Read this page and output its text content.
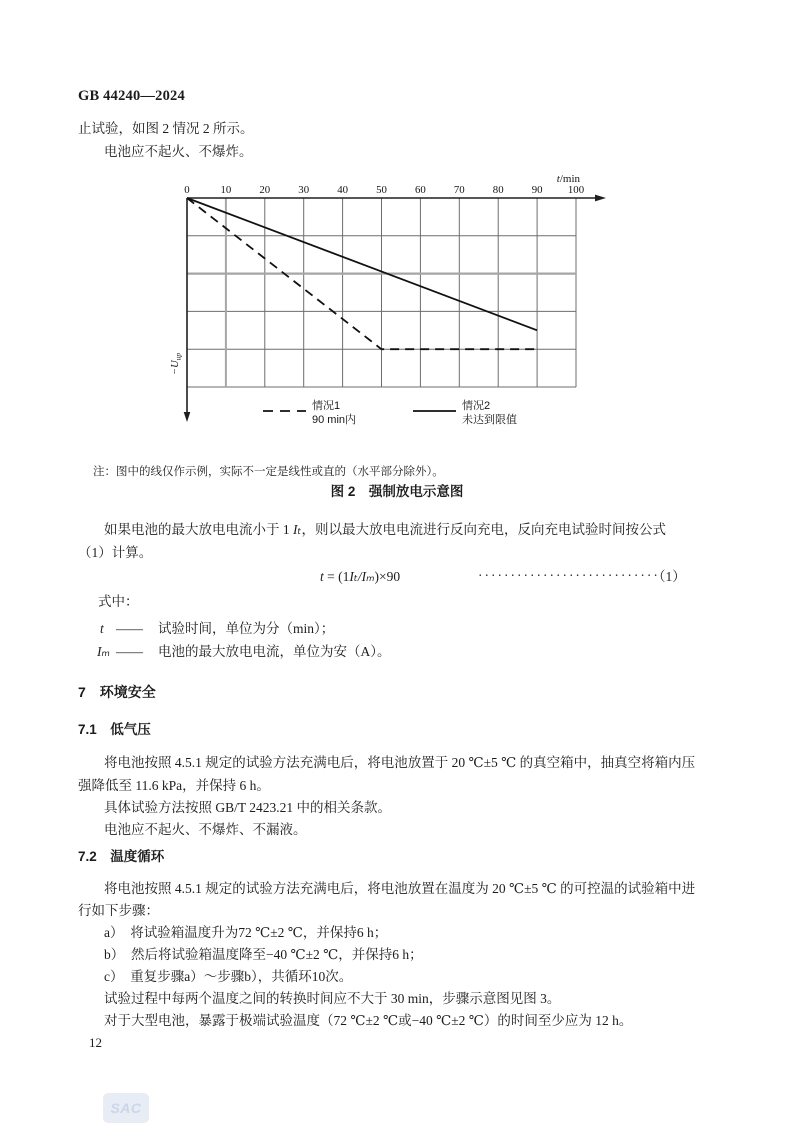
GB 44240—2024
止试验，如图 2 情况 2 所示。
电池应不起火、不爆炸。
0	10	20	30	40	50	60	70	80	90 100
t/min
$-U_{up}$
情况1
90 min内
情况2
未达到限值
注：图中的线仅作示例，实际不一定是线性或直的（水平部分除外）。
图 2　强制放电示意图
如果电池的最大放电电流小于 1 Iₜ，则以最大放电电流进行反向充电，反向充电试验时间按公式
（1）计算。
t = (1Iₜ/Iₘ)×90	····························
（1）
式中：
t —— 试验时间，单位为分（min）；
Iₘ —— 电池的最大放电电流，单位为安（A）。
7　环境安全
7.1　低气压
将电池按照 4.5.1 规定的试验方法充满电后，将电池放置于 20 ℃±5 ℃ 的真空箱中，抽真空将箱内压
强降低至 11.6 kPa，并保持 6 h。
具体试验方法按照 GB/T 2423.21 中的相关条款。
电池应不起火、不爆炸、不漏液。
7.2　温度循环
将电池按照 4.5.1 规定的试验方法充满电后，将电池放置在温度为 20 ℃±5 ℃ 的可控温的试验箱中进
行如下步骤：
a）  将试验箱温度升为72 ℃±2 ℃，并保持6 h；
b）  然后将试验箱温度降至−40 ℃±2 ℃，并保持6 h；
c）  重复步骤a）～步骤b），共循环10次。
试验过程中每两个温度之间的转换时间应不大于 30 min，步骤示意图见图 3。
对于大型电池，暴露于极端试验温度（72 ℃±2 ℃或−40 ℃±2 ℃）的时间至少应为 12 h。
12
SAC
